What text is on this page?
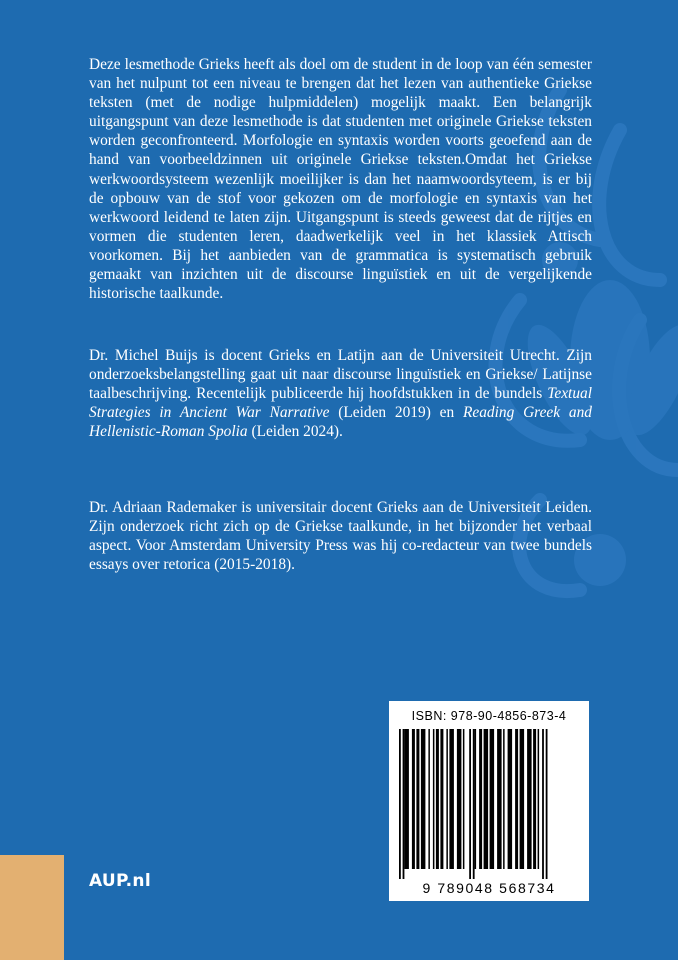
Deze lesmethode Grieks heeft als doel om de student in de loop van één semester van het nulpunt tot een niveau te brengen dat het lezen van authentieke Griekse teksten (met de nodige hulpmiddelen) mogelijk maakt. Een belangrijk uitgangspunt van deze lesmethode is dat studenten met originele Griekse teksten worden geconfronteerd. Morfologie en syntaxis worden voorts geoefend aan de hand van voorbeeldzinnen uit originele Griekse teksten.Omdat het Griekse werkwoordsysteem wezenlijk moeilijker is dan het naamwoordsyteem, is er bij de opbouw van de stof voor gekozen om de morfologie en syntaxis van het werkwoord leidend te laten zijn. Uitgangspunt is steeds geweest dat de rijtjes en vormen die studenten leren, daadwerkelijk veel in het klassiek Attisch voorkomen. Bij het aanbieden van de grammatica is systematisch gebruik gemaakt van inzichten uit de discourse linguïstiek en uit de vergelijkende historische taalkunde.
Dr. Michel Buijs is docent Grieks en Latijn aan de Universiteit Utrecht. Zijn onderzoeksbelangstelling gaat uit naar discourse linguïstiek en Griekse/ Latijnse taalbeschrijving. Recentelijk publiceerde hij hoofdstukken in de bundels Textual Strategies in Ancient War Narrative (Leiden 2019) en Reading Greek and Hellenistic-Roman Spolia (Leiden 2024).
Dr. Adriaan Rademaker is universitair docent Grieks aan de Universiteit Leiden. Zijn onderzoek richt zich op de Griekse taalkunde, in het bijzonder het verbaal aspect. Voor Amsterdam University Press was hij co-redacteur van twee bundels essays over retorica (2015-2018).
AUP.nl
ISBN: 978-90-4856-873-4
9 789048 568734
